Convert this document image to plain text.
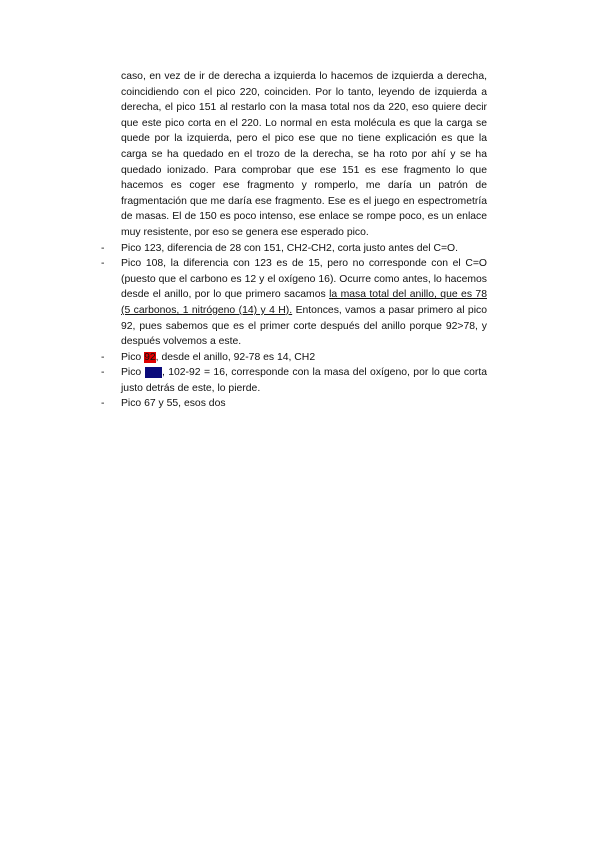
caso, en vez de ir de derecha a izquierda lo hacemos de izquierda a derecha, coincidiendo con el pico 220, coinciden. Por lo tanto, leyendo de izquierda a derecha, el pico 151 al restarlo con la masa total nos da 220, eso quiere decir que este pico corta en el 220. Lo normal en esta molécula es que la carga se quede por la izquierda, pero el pico ese que no tiene explicación es que la carga se ha quedado en el trozo de la derecha, se ha roto por ahí y se ha quedado ionizado. Para comprobar que ese 151 es ese fragmento lo que hacemos es coger ese fragmento y romperlo, me daría un patrón de fragmentación que me daría ese fragmento. Ese es el juego en espectrometría de masas. El de 150 es poco intenso, ese enlace se rompe poco, es un enlace muy resistente, por eso se genera ese esperado pico.

- Pico 123, diferencia de 28 con 151, CH2-CH2, corta justo antes del C=O.
- Pico 108, la diferencia con 123 es de 15, pero no corresponde con el C=O (puesto que el carbono es 12 y el oxígeno 16). Ocurre como antes, lo hacemos desde el anillo, por lo que primero sacamos la masa total del anillo, que es 78 (5 carbonos, 1 nitrógeno (14) y 4 H). Entonces, vamos a pasar primero al pico 92, pues sabemos que es el primer corte después del anillo porque 92>78, y después volvemos a este.
- Pico 92, desde el anillo, 92-78 es 14, CH2
- Pico 102, 102-92 = 16, corresponde con la masa del oxígeno, por lo que corta justo detrás de este, lo pierde.
- Pico 67 y 55, esos dos
